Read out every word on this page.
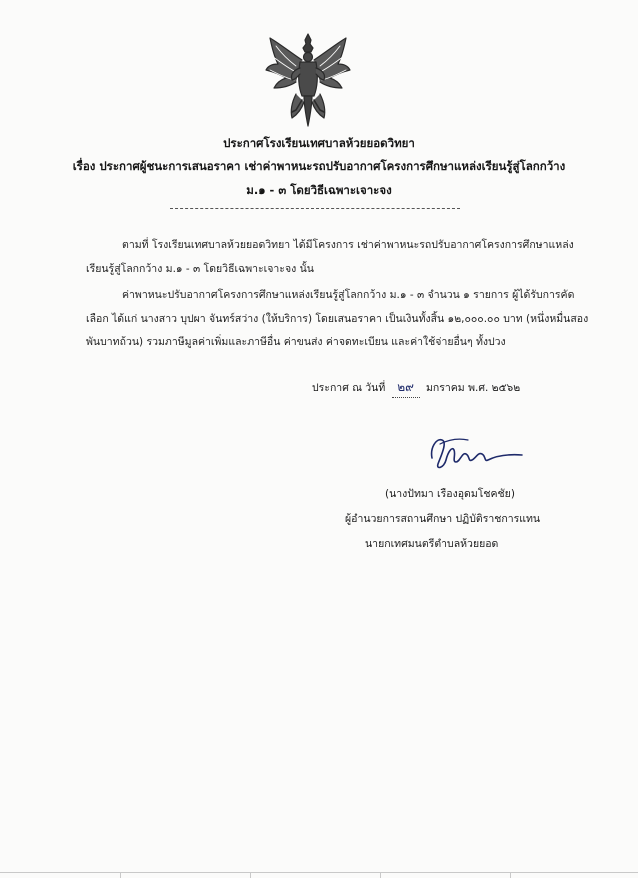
ประกาศโรงเรียนเทศบาลห้วยยอดวิทยา
เรื่อง ประกาศผู้ชนะการเสนอราคา เช่าค่าพาหนะรถปรับอากาศโครงการศึกษาแหล่งเรียนรู้สู่โลกกว้าง
ม.๑ - ๓ โดยวิธีเฉพาะเจาะจง
ตามที่ โรงเรียนเทศบาลห้วยยอดวิทยา ได้มีโครงการ เช่าค่าพาหนะรถปรับอากาศโครงการศึกษาแหล่ง
เรียนรู้สู่โลกกว้าง ม.๑ - ๓ โดยวิธีเฉพาะเจาะจง นั้น
ค่าพาหนะปรับอากาศโครงการศึกษาแหล่งเรียนรู้สู่โลกกว้าง ม.๑ - ๓ จำนวน ๑ รายการ ผู้ได้รับการคัด
เลือก ได้แก่ นางสาว บุปผา จันทร์สว่าง (ให้บริการ) โดยเสนอราคา เป็นเงินทั้งสิ้น ๑๒,๐๐๐.๐๐ บาท (หนึ่งหมื่นสอง
พันบาทถ้วน) รวมภาษีมูลค่าเพิ่มและภาษีอื่น ค่าขนส่ง ค่าจดทะเบียน และค่าใช้จ่ายอื่นๆ ทั้งปวง
ประกาศ ณ วันที่ ๒๙ มกราคม พ.ศ. ๒๕๖๒
(นางปัทมา เรืองอุดมโชคชัย)
ผู้อำนวยการสถานศึกษา ปฏิบัติราชการแทน
นายกเทศมนตรีตำบลห้วยยอด
